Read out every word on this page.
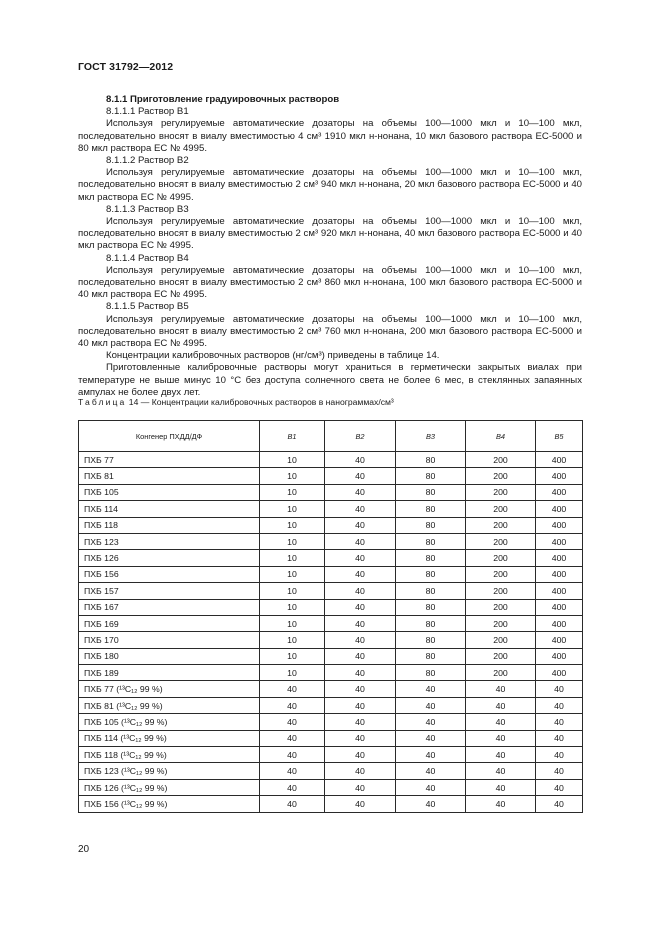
ГОСТ 31792—2012

8.1.1 Приготовление градуировочных растворов

8.1.1.1 Раствор B1

Используя регулируемые автоматические дозаторы на объемы 100—1000 мкл и 10—100 мкл, последовательно вносят в виалу вместимостью 4 см³ 1910 мкл н-нонана, 10 мкл базового раствора ЕС-5000 и 80 мкл раствора ЕС № 4995.

8.1.1.2 Раствор B2

Используя регулируемые автоматические дозаторы на объемы 100—1000 мкл и 10—100 мкл, последовательно вносят в виалу вместимостью 2 см³ 940 мкл н-нонана, 20 мкл базового раствора ЕС-5000 и 40 мкл раствора ЕС № 4995.

8.1.1.3 Раствор B3

Используя регулируемые автоматические дозаторы на объемы 100—1000 мкл и 10—100 мкл, последовательно вносят в виалу вместимостью 2 см³ 920 мкл н-нонана, 40 мкл базового раствора ЕС-5000 и 40 мкл раствора ЕС № 4995.

8.1.1.4 Раствор B4

Используя регулируемые автоматические дозаторы на объемы 100—1000 мкл и 10—100 мкл, последовательно вносят в виалу вместимостью 2 см³ 860 мкл н-нонана, 100 мкл базового раствора ЕС-5000 и 40 мкл раствора ЕС № 4995.

8.1.1.5 Раствор B5

Используя регулируемые автоматические дозаторы на объемы 100—1000 мкл и 10—100 мкл, последовательно вносят в виалу вместимостью 2 см³ 760 мкл н-нонана, 200 мкл базового раствора ЕС-5000 и 40 мкл раствора ЕС № 4995.

Концентрации калибровочных растворов (нг/см³) приведены в таблице 14.

Приготовленные калибровочные растворы могут храниться в герметически закрытых виалах при температуре не выше минус 10 °С без доступа солнечного света не более 6 мес, в стеклянных запаянных ампулах не более двух лет.

Таблица 14 — Концентрации калибровочных растворов в нанограммах/см³
Конгенер ПХДД/ДФ	B1	B2	B3	B4	B5
ПХБ 77	10	40	80	200	400
ПХБ 81	10	40	80	200	400
ПХБ 105	10	40	80	200	400
ПХБ 114	10	40	80	200	400
ПХБ 118	10	40	80	200	400
ПХБ 123	10	40	80	200	400
ПХБ 126	10	40	80	200	400
ПХБ 156	10	40	80	200	400
ПХБ 157	10	40	80	200	400
ПХБ 167	10	40	80	200	400
ПХБ 169	10	40	80	200	400
ПХБ 170	10	40	80	200	400
ПХБ 180	10	40	80	200	400
ПХБ 189	10	40	80	200	400
ПХБ 77 (¹³C₁₂ 99 %)	40	40	40	40	40
ПХБ 81 (¹³C₁₂ 99 %)	40	40	40	40	40
ПХБ 105 (¹³C₁₂ 99 %)	40	40	40	40	40
ПХБ 114 (¹³C₁₂ 99 %)	40	40	40	40	40
ПХБ 118 (¹³C₁₂ 99 %)	40	40	40	40	40
ПХБ 123 (¹³C₁₂ 99 %)	40	40	40	40	40
ПХБ 126 (¹³C₁₂ 99 %)	40	40	40	40	40
ПХБ 156 (¹³C₁₂ 99 %)	40	40	40	40	40
20
